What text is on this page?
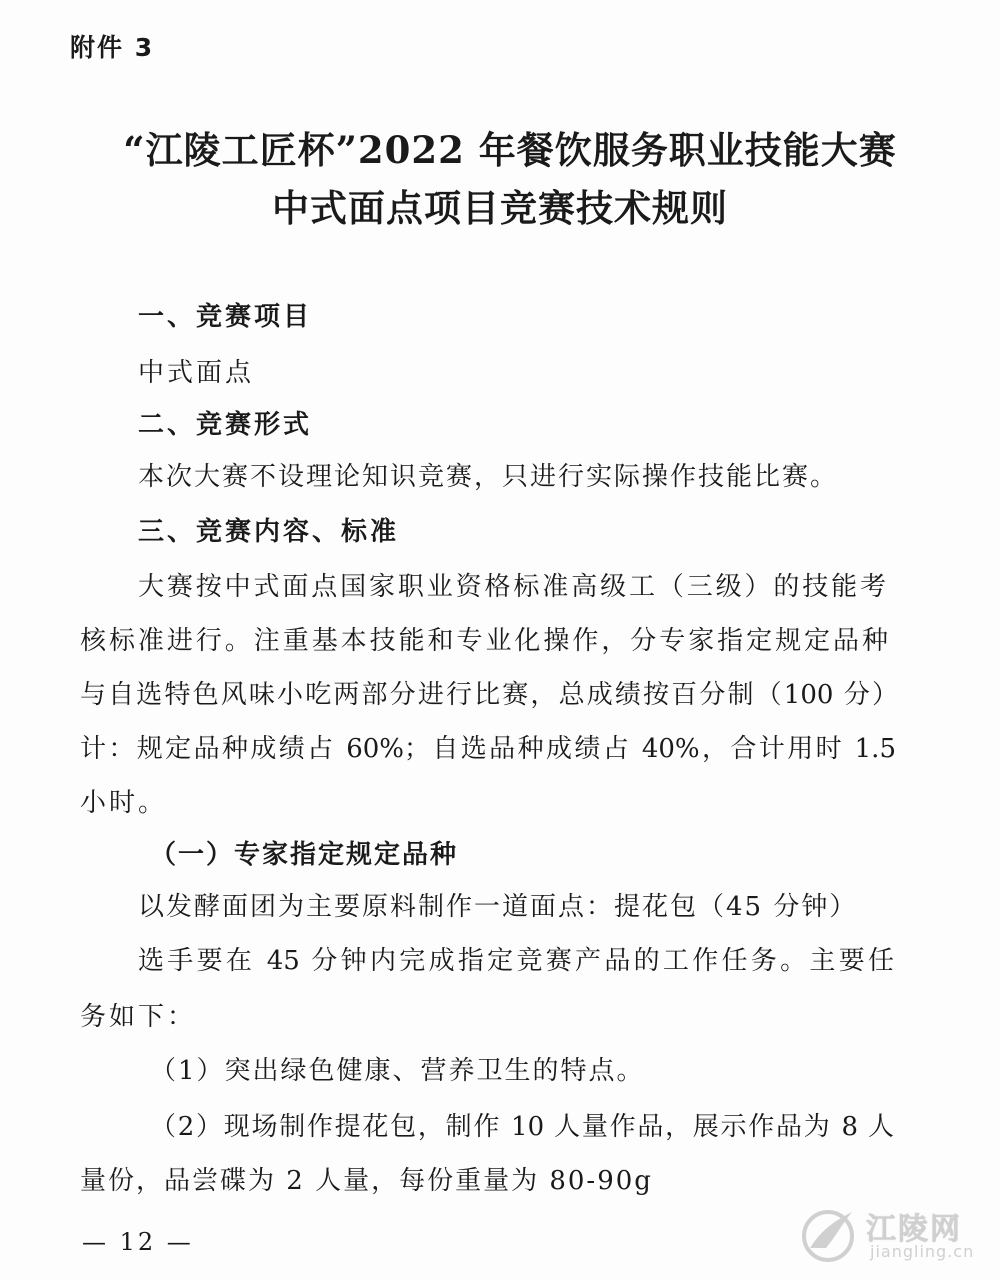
附件 3
“江陵工匠杯”2022 年餐饮服务职业技能大赛
中式面点项目竞赛技术规则
一、竞赛项目
中式面点
二、竞赛形式
本次大赛不设理论知识竞赛，只进行实际操作技能比赛。
三、竞赛内容、标准
大赛按中式面点国家职业资格标准高级工（三级）的技能考
核标准进行。注重基本技能和专业化操作，分专家指定规定品种
与自选特色风味小吃两部分进行比赛，总成绩按百分制（100 分）
计：规定品种成绩占 60%；自选品种成绩占 40%，合计用时 1.5
小时。
（一）专家指定规定品种
以发酵面团为主要原料制作一道面点：提花包（45 分钟）
选手要在 45 分钟内完成指定竞赛产品的工作任务。主要任
务如下：
（1）突出绿色健康、营养卫生的特点。
（2）现场制作提花包，制作 10 人量作品，展示作品为 8 人
量份，品尝碟为 2 人量，每份重量为 80-90g
— 12 —	江陵网
jiangling.cn
